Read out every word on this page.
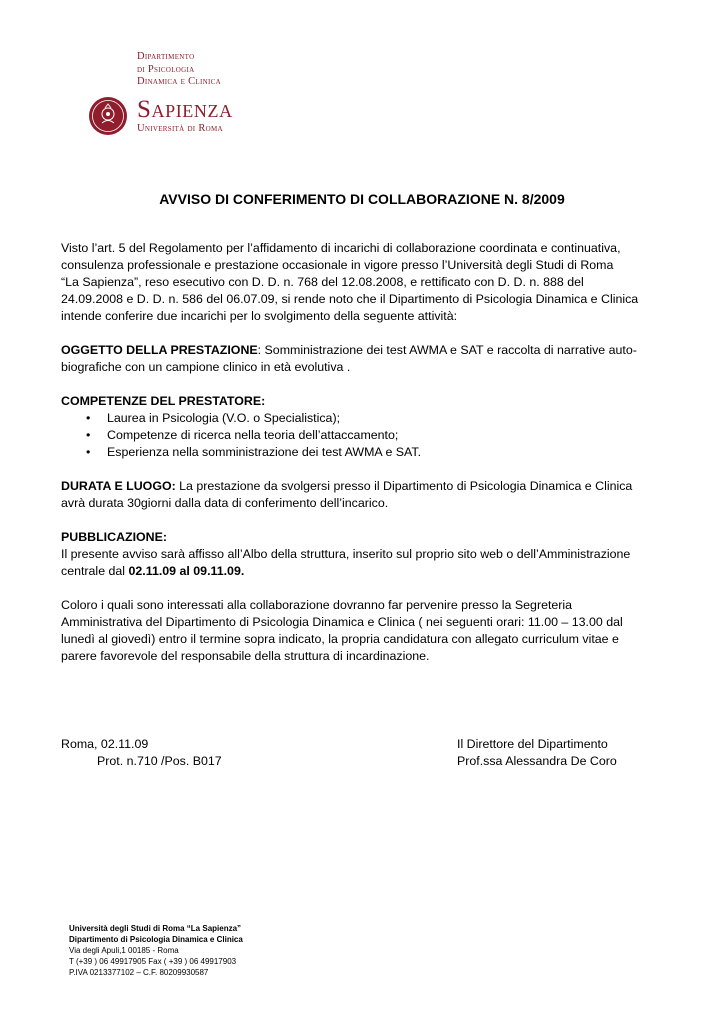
Dipartimento
di Psicologia
Dinamica e Clinica
Sapienza
Università di Roma
AVVISO DI CONFERIMENTO DI COLLABORAZIONE N. 8/2009

Visto l’art. 5 del Regolamento per l’affidamento di incarichi di collaborazione coordinata e continuativa,
consulenza professionale e prestazione occasionale in vigore presso l’Università degli Studi di Roma
“La Sapienza”, reso esecutivo con D. D. n. 768 del 12.08.2008, e rettificato con D. D. n. 888 del
24.09.2008 e D. D. n. 586 del 06.07.09, si rende noto che il Dipartimento di Psicologia Dinamica e Clinica
intende conferire due incarichi per lo svolgimento della seguente attività:

OGGETTO DELLA PRESTAZIONE: Somministrazione dei test AWMA e SAT e raccolta di narrative auto-
biografiche con un campione clinico in età evolutiva .
COMPETENZE DEL PRESTATORE:
• Laurea in Psicologia (V.O. o Specialistica);
• Competenze di ricerca nella teoria dell’attaccamento;
• Esperienza nella somministrazione dei test AWMA e SAT.
DURATA E LUOGO: La prestazione da svolgersi presso il Dipartimento di Psicologia Dinamica e Clinica
avrà durata 30giorni dalla data di conferimento dell’incarico.
PUBBLICAZIONE:
Il presente avviso sarà affisso all’Albo della struttura, inserito sul proprio sito web o dell’Amministrazione
centrale dal 02.11.09 al 09.11.09.
Coloro i quali sono interessati alla collaborazione dovranno far pervenire presso la Segreteria
Amministrativa del Dipartimento di Psicologia Dinamica e Clinica ( nei seguenti orari: 11.00 – 13.00 dal
lunedì al giovedì) entro il termine sopra indicato, la propria candidatura con allegato curriculum vitae e
parere favorevole del responsabile della struttura di incardinazione.
Roma, 02.11.09
Prot. n.710 /Pos. B017
Il Direttore del Dipartimento
Prof.ssa Alessandra De Coro
Università degli Studi di Roma “La Sapienza”
Dipartimento di Psicologia Dinamica e Clinica
Via degli Apuli,1 00185 - Roma
T (+39 ) 06 49917905 Fax ( +39 ) 06 49917903
P.IVA 0213377102 – C.F. 80209930587
